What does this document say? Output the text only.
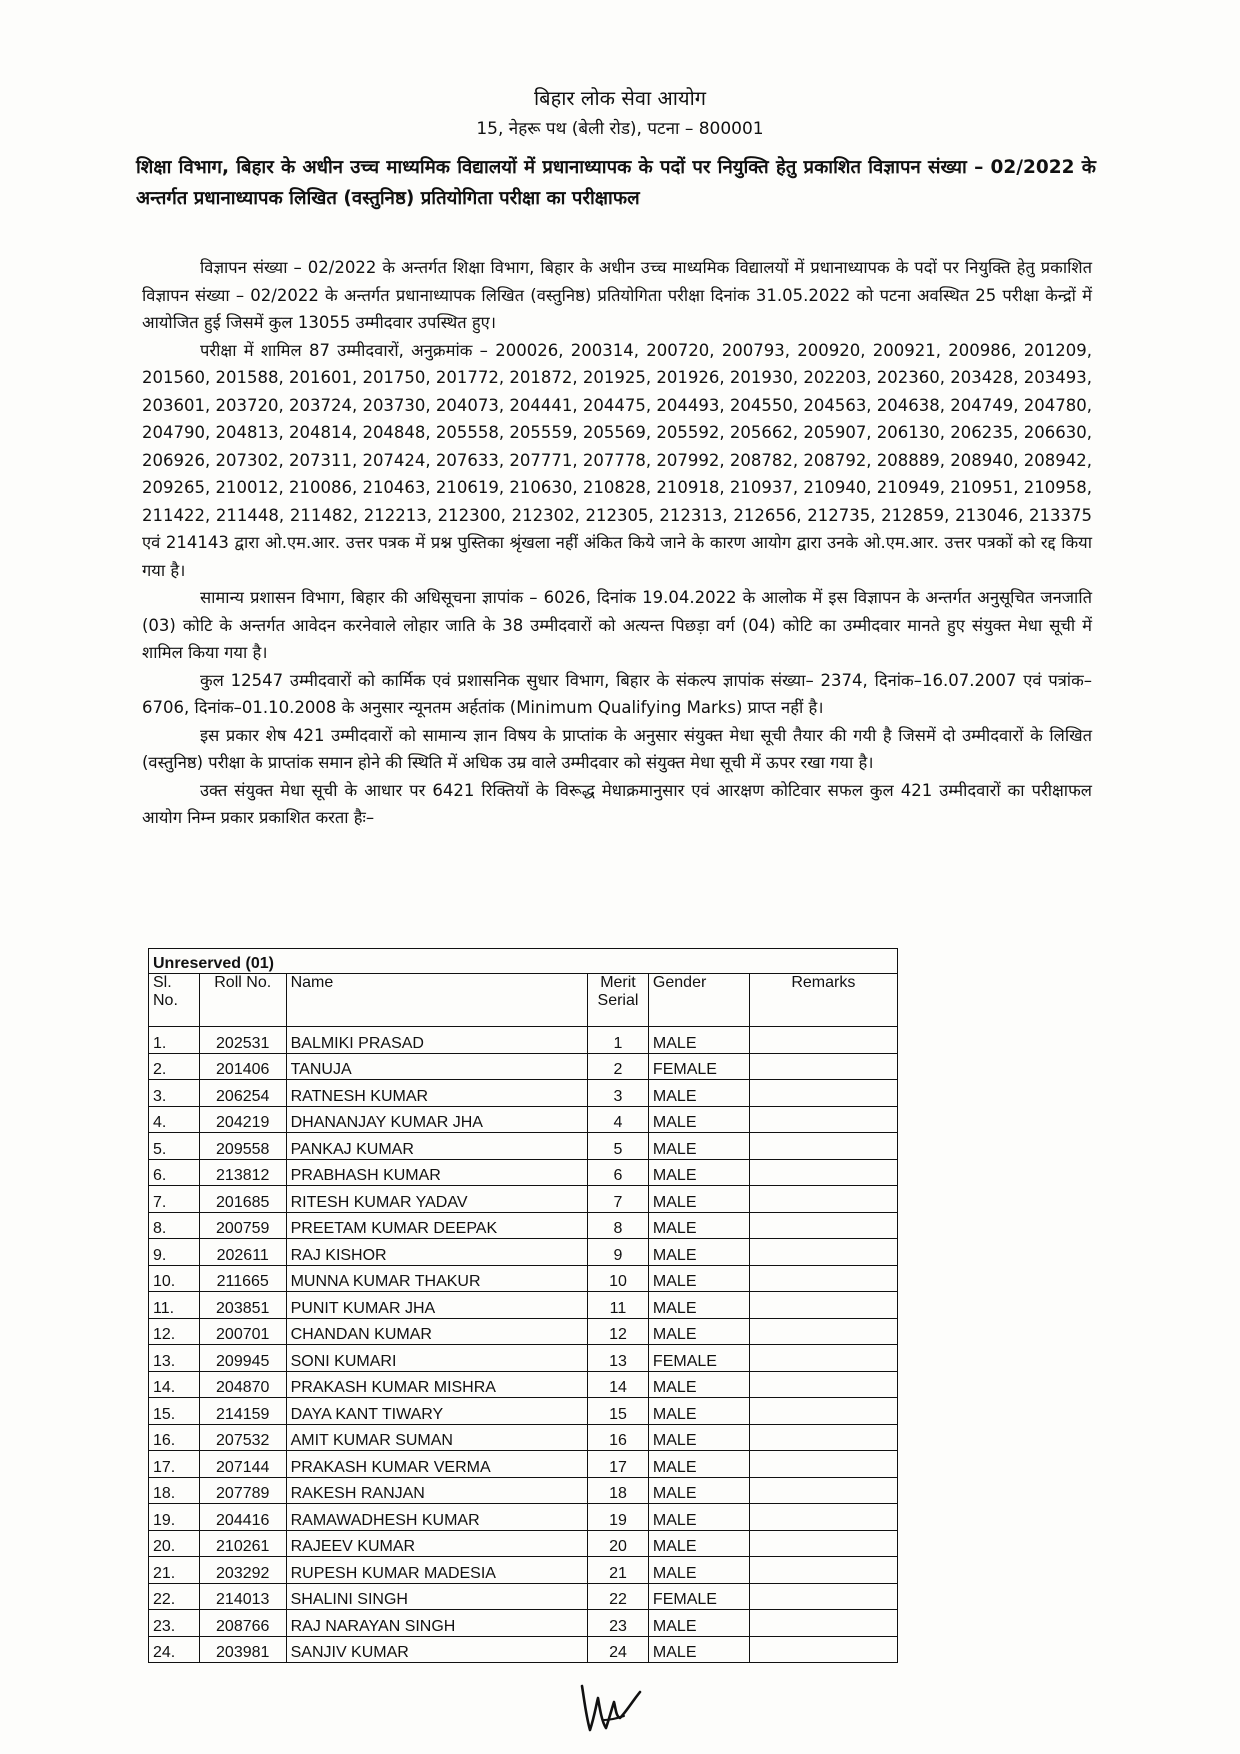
बिहार लोक सेवा आयोग
15, नेहरू पथ (बेली रोड), पटना – 800001
शिक्षा विभाग, बिहार के अधीन उच्च माध्यमिक विद्यालयों में प्रधानाध्यापक के पदों पर नियुक्ति हेतु प्रकाशित विज्ञापन संख्या – 02/2022 के अन्तर्गत प्रधानाध्यापक लिखित (वस्तुनिष्ठ) प्रतियोगिता परीक्षा का परीक्षाफल

विज्ञापन संख्या – 02/2022 के अन्तर्गत शिक्षा विभाग, बिहार के अधीन उच्च माध्यमिक विद्यालयों में प्रधानाध्यापक के पदों पर नियुक्ति हेतु प्रकाशित विज्ञापन संख्या – 02/2022 के अन्तर्गत प्रधानाध्यापक लिखित (वस्तुनिष्ठ) प्रतियोगिता परीक्षा दिनांक 31.05.2022 को पटना अवस्थित 25 परीक्षा केन्द्रों में आयोजित हुई जिसमें कुल 13055 उम्मीदवार उपस्थित हुए।

परीक्षा में शामिल 87 उम्मीदवारों, अनुक्रमांक – 200026, 200314, 200720, 200793, 200920, 200921, 200986, 201209, 201560, 201588, 201601, 201750, 201772, 201872, 201925, 201926, 201930, 202203, 202360, 203428, 203493, 203601, 203720, 203724, 203730, 204073, 204441, 204475, 204493, 204550, 204563, 204638, 204749, 204780, 204790, 204813, 204814, 204848, 205558, 205559, 205569, 205592, 205662, 205907, 206130, 206235, 206630, 206926, 207302, 207311, 207424, 207633, 207771, 207778, 207992, 208782, 208792, 208889, 208940, 208942, 209265, 210012, 210086, 210463, 210619, 210630, 210828, 210918, 210937, 210940, 210949, 210951, 210958, 211422, 211448, 211482, 212213, 212300, 212302, 212305, 212313, 212656, 212735, 212859, 213046, 213375 एवं 214143 द्वारा ओ.एम.आर. उत्तर पत्रक में प्रश्न पुस्तिका श्रृंखला नहीं अंकित किये जाने के कारण आयोग द्वारा उनके ओ.एम.आर. उत्तर पत्रकों को रद्द किया गया है।

सामान्य प्रशासन विभाग, बिहार की अधिसूचना ज्ञापांक – 6026, दिनांक 19.04.2022 के आलोक में इस विज्ञापन के अन्तर्गत अनुसूचित जनजाति (03) कोटि के अन्तर्गत आवेदन करनेवाले लोहार जाति के 38 उम्मीदवारों को अत्यन्त पिछड़ा वर्ग (04) कोटि का उम्मीदवार मानते हुए संयुक्त मेधा सूची में शामिल किया गया है।

कुल 12547 उम्मीदवारों को कार्मिक एवं प्रशासनिक सुधार विभाग, बिहार के संकल्प ज्ञापांक संख्या– 2374, दिनांक–16.07.2007 एवं पत्रांक– 6706, दिनांक–01.10.2008 के अनुसार न्यूनतम अर्हतांक (Minimum Qualifying Marks) प्राप्त नहीं है।

इस प्रकार शेष 421 उम्मीदवारों को सामान्य ज्ञान विषय के प्राप्तांक के अनुसार संयुक्त मेधा सूची तैयार की गयी है जिसमें दो उम्मीदवारों के लिखित (वस्तुनिष्ठ) परीक्षा के प्राप्तांक समान होने की स्थिति में अधिक उम्र वाले उम्मीदवार को संयुक्त मेधा सूची में ऊपर रखा गया है।

उक्त संयुक्त मेधा सूची के आधार पर 6421 रिक्तियों के विरूद्ध मेधाक्रमानुसार एवं आरक्षण कोटिवार सफल कुल 421 उम्मीदवारों का परीक्षाफल आयोग निम्न प्रकार प्रकाशित करता हैः–

Unreserved (01)					
Sl. No.	Roll No.	Name	Merit Serial	Gender	Remarks
1.	202531	BALMIKI PRASAD	1	MALE	
2.	201406	TANUJA	2	FEMALE	
3.	206254	RATNESH KUMAR	3	MALE	
4.	204219	DHANANJAY KUMAR JHA	4	MALE	
5.	209558	PANKAJ KUMAR	5	MALE	
6.	213812	PRABHASH KUMAR	6	MALE	
7.	201685	RITESH KUMAR YADAV	7	MALE	
8.	200759	PREETAM KUMAR DEEPAK	8	MALE	
9.	202611	RAJ KISHOR	9	MALE	
10.	211665	MUNNA KUMAR THAKUR	10	MALE	
11.	203851	PUNIT KUMAR JHA	11	MALE	
12.	200701	CHANDAN KUMAR	12	MALE	
13.	209945	SONI KUMARI	13	FEMALE	
14.	204870	PRAKASH KUMAR MISHRA	14	MALE	
15.	214159	DAYA KANT TIWARY	15	MALE	
16.	207532	AMIT KUMAR SUMAN	16	MALE	
17.	207144	PRAKASH KUMAR VERMA	17	MALE	
18.	207789	RAKESH RANJAN	18	MALE	
19.	204416	RAMAWADHESH KUMAR	19	MALE	
20.	210261	RAJEEV KUMAR	20	MALE	
21.	203292	RUPESH KUMAR MADESIA	21	MALE	
22.	214013	SHALINI SINGH	22	FEMALE	
23.	208766	RAJ NARAYAN SINGH	23	MALE	
24.	203981	SANJIV KUMAR	24	MALE	
